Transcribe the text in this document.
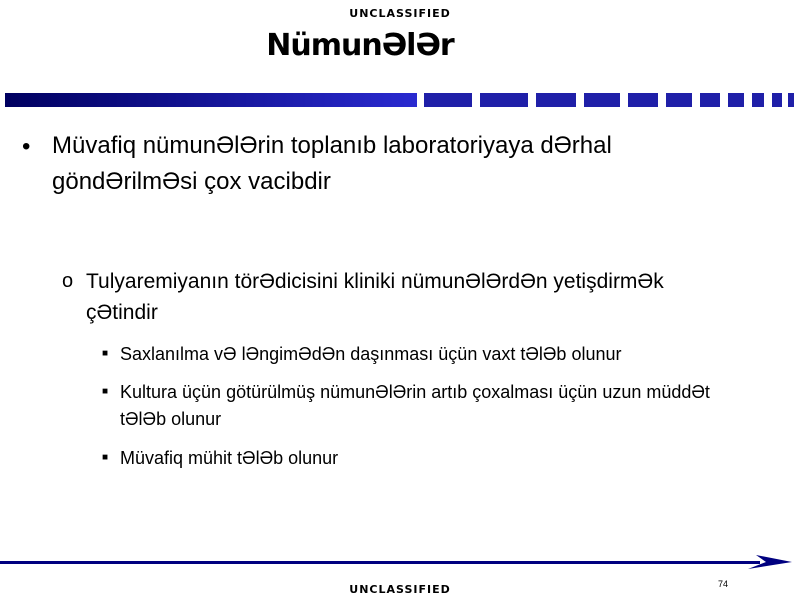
UNCLASSIFIED
NümunƏlƏr
• Müvafiq nümunƏlƏrin toplanıb laboratoriyaya dƏrhal göndƏrilmƏsi çox vacibdir
o Tulyaremiyanın törƏdicisini kliniki nümunƏlƏrdƏn yetişdirmƏk çƏtindir
■ Saxlanılma vƏ lƏngimƏdƏn daşınması üçün vaxt tƏlƏb olunur
■ Kultura üçün götürülmüş nümunƏlƏrin artıb çoxalması üçün uzun müddƏt tƏlƏb olunur
■ Müvafiq mühit tƏlƏb olunur
74
UNCLASSIFIED
